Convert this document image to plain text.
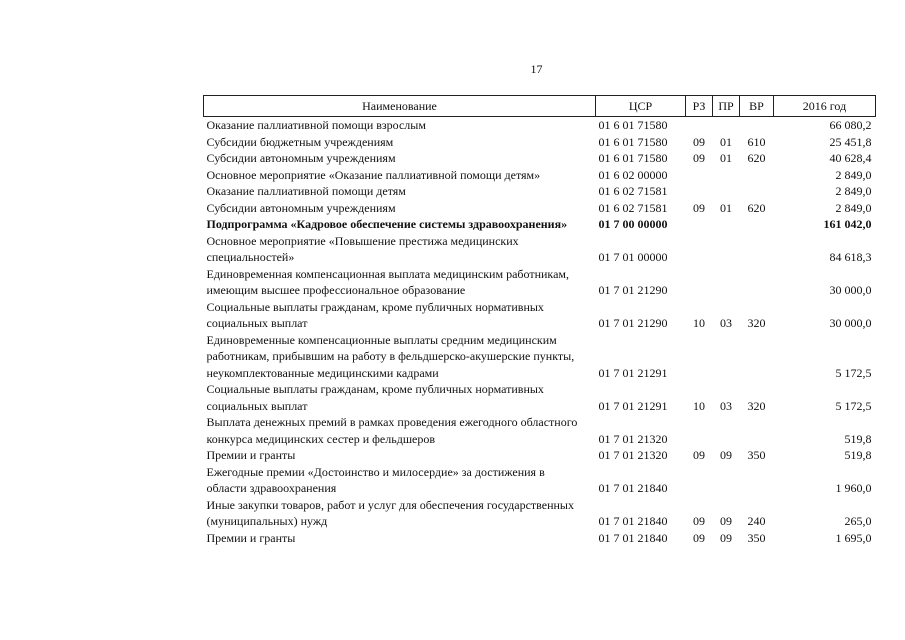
17
Наименование	ЦСР	РЗ	ПР	ВР	2016 год
Оказание паллиативной помощи взрослым	01 6 01 71580				66 080,2
Субсидии бюджетным учреждениям	01 6 01 71580	09	01	610	25 451,8
Субсидии автономным учреждениям	01 6 01 71580	09	01	620	40 628,4
Основное мероприятие «Оказание паллиативной помощи детям»	01 6 02 00000				2 849,0
Оказание паллиативной помощи детям	01 6 02 71581				2 849,0
Субсидии автономным учреждениям	01 6 02 71581	09	01	620	2 849,0
Подпрограмма «Кадровое обеспечение системы здравоохранения»	01 7 00 00000				161 042,0
Основное мероприятие «Повышение престижа медицинских специальностей»	01 7 01 00000				84 618,3
Единовременная компенсационная выплата медицинским работникам, имеющим высшее профессиональное образование	01 7 01 21290				30 000,0
Социальные выплаты гражданам, кроме публичных нормативных социальных выплат	01 7 01 21290	10	03	320	30 000,0
Единовременные компенсационные выплаты средним медицинским работникам, прибывшим на работу в фельдшерско-акушерские пункты, неукомплектованные медицинскими кадрами	01 7 01 21291				5 172,5
Социальные выплаты гражданам, кроме публичных нормативных социальных выплат	01 7 01 21291	10	03	320	5 172,5
Выплата денежных премий в рамках проведения ежегодного областного конкурса медицинских сестер и фельдшеров	01 7 01 21320				519,8
Премии и гранты	01 7 01 21320	09	09	350	519,8
Ежегодные премии «Достоинство и милосердие» за достижения в области здравоохранения	01 7 01 21840				1 960,0
Иные закупки товаров, работ и услуг для обеспечения государственных (муниципальных) нужд	01 7 01 21840	09	09	240	265,0
Премии и гранты	01 7 01 21840	09	09	350	1 695,0
